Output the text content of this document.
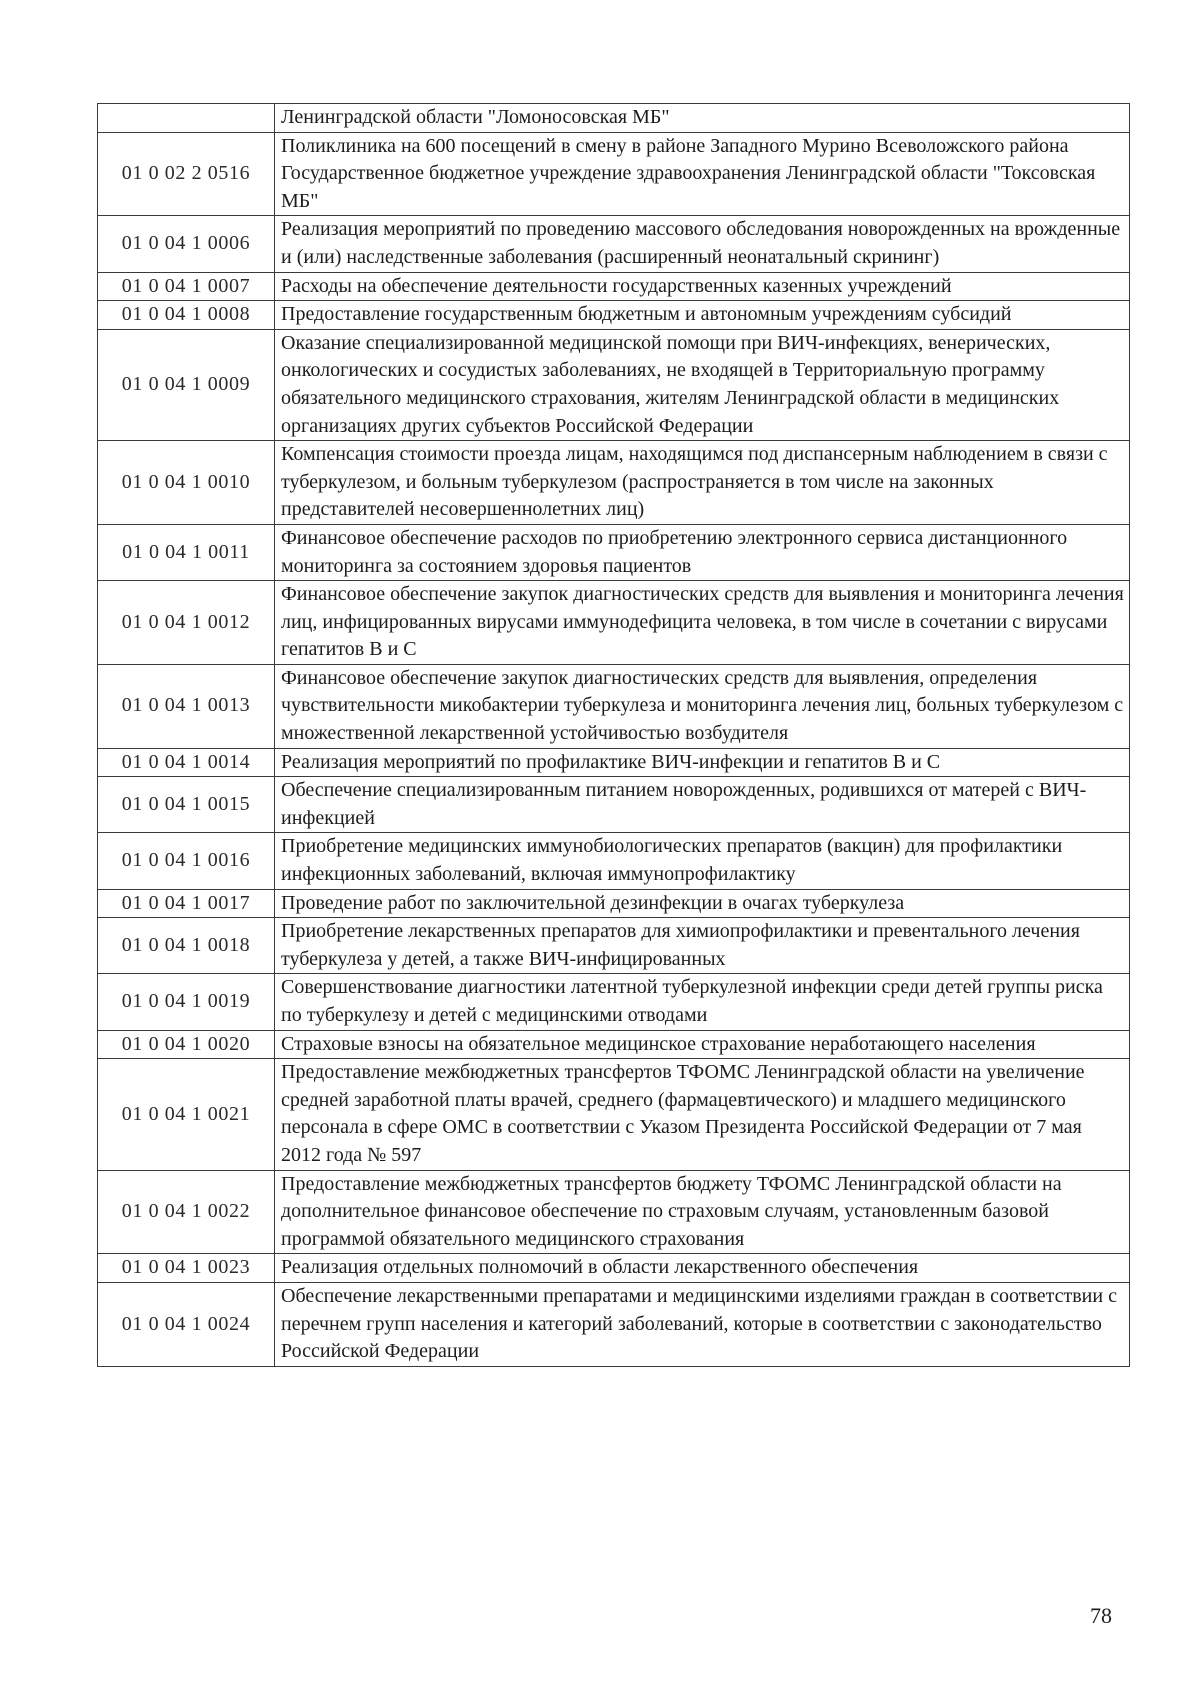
	Ленинградской области "Ломоносовская МБ"
01 0 02 2 0516	Поликлиника на 600 посещений в смену в районе Западного Мурино Всеволожского района Государственное бюджетное учреждение здравоохранения Ленинградской области "Токсовская МБ"
01 0 04 1 0006	Реализация мероприятий по проведению массового обследования новорожденных на врожденные и (или) наследственные заболевания (расширенный неонатальный скрининг)
01 0 04 1 0007	Расходы на обеспечение деятельности государственных казенных учреждений
01 0 04 1 0008	Предоставление государственным бюджетным и автономным учреждениям субсидий
01 0 04 1 0009	Оказание специализированной медицинской помощи при ВИЧ-инфекциях, венерических, онкологических и сосудистых заболеваниях, не входящей в Территориальную программу обязательного медицинского страхования, жителям Ленинградской области в медицинских организациях других субъектов Российской Федерации
01 0 04 1 0010	Компенсация стоимости проезда лицам, находящимся под диспансерным наблюдением в связи с туберкулезом, и больным туберкулезом (распространяется в том числе на законных представителей несовершеннолетних лиц)
01 0 04 1 0011	Финансовое обеспечение расходов по приобретению электронного сервиса дистанционного мониторинга за состоянием здоровья пациентов
01 0 04 1 0012	Финансовое обеспечение закупок диагностических средств для выявления и мониторинга лечения лиц, инфицированных вирусами иммунодефицита человека, в том числе в сочетании с вирусами гепатитов В и С
01 0 04 1 0013	Финансовое обеспечение закупок диагностических средств для выявления, определения чувствительности микобактерии туберкулеза и мониторинга лечения лиц, больных туберкулезом с множественной лекарственной устойчивостью возбудителя
01 0 04 1 0014	Реализация мероприятий по профилактике ВИЧ-инфекции и гепатитов В и С
01 0 04 1 0015	Обеспечение специализированным питанием новорожденных, родившихся от матерей с ВИЧ- инфекцией
01 0 04 1 0016	Приобретение медицинских иммунобиологических препаратов (вакцин) для профилактики инфекционных заболеваний, включая иммунопрофилактику
01 0 04 1 0017	Проведение работ по заключительной дезинфекции в очагах туберкулеза
01 0 04 1 0018	Приобретение лекарственных препаратов для химиопрофилактики и превентального лечения туберкулеза у детей, а также ВИЧ-инфицированных
01 0 04 1 0019	Совершенствование диагностики латентной туберкулезной инфекции среди детей группы риска по туберкулезу и детей с медицинскими отводами
01 0 04 1 0020	Страховые взносы на обязательное медицинское страхование неработающего населения
01 0 04 1 0021	Предоставление межбюджетных трансфертов ТФОМС Ленинградской области на увеличение средней заработной платы врачей, среднего (фармацевтического) и младшего медицинского персонала в сфере ОМС в соответствии с Указом Президента Российской Федерации от 7 мая 2012 года № 597
01 0 04 1 0022	Предоставление межбюджетных трансфертов бюджету ТФОМС Ленинградской области на дополнительное финансовое обеспечение по страховым случаям, установленным базовой программой обязательного медицинского страхования
01 0 04 1 0023	Реализация отдельных полномочий в области лекарственного обеспечения
01 0 04 1 0024	Обеспечение лекарственными препаратами и медицинскими изделиями граждан в соответствии с перечнем групп населения и категорий заболеваний, которые в соответствии с законодательство Российской Федерации
78
